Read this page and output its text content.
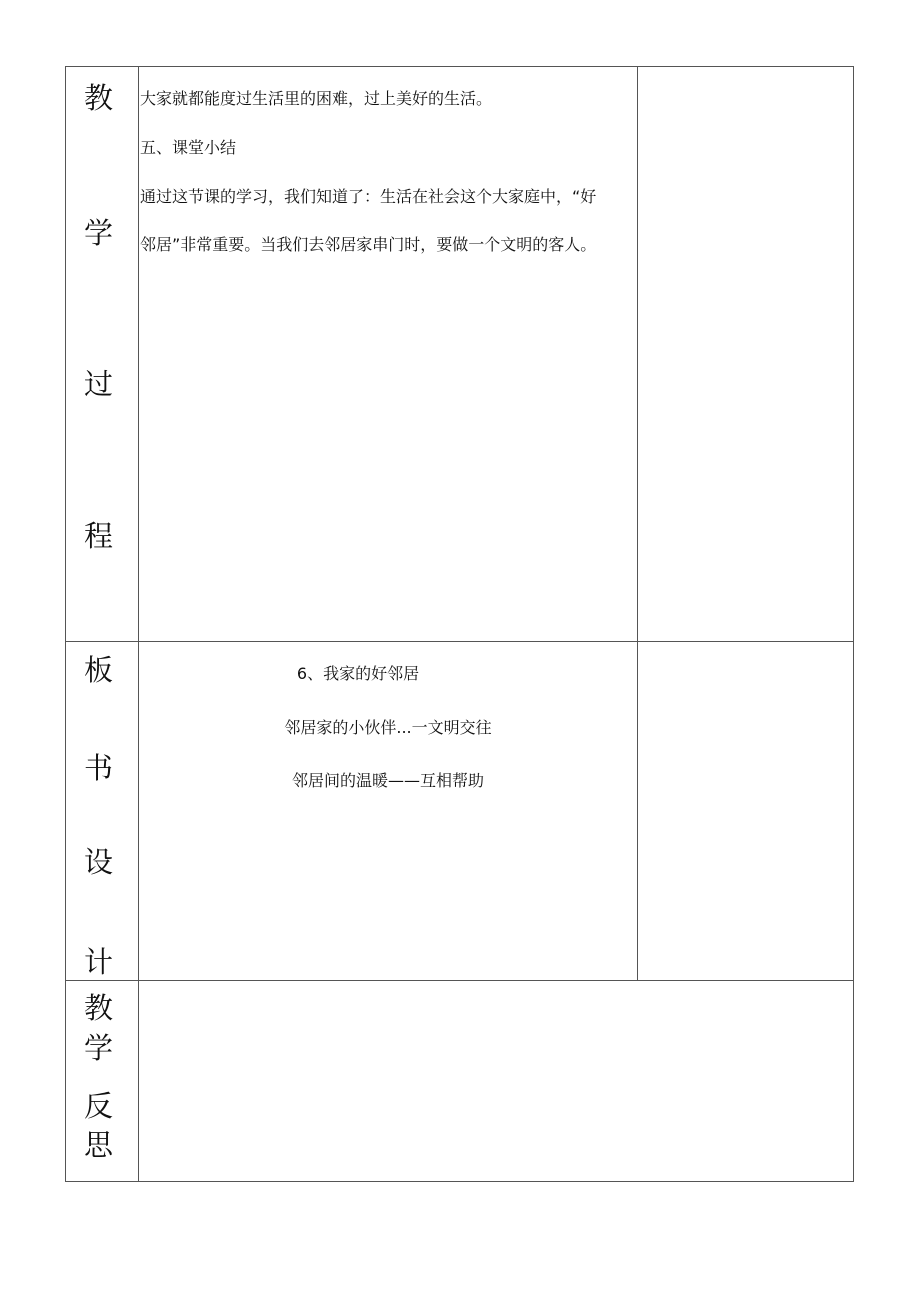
教
学
过
程
大家就都能度过生活里的困难，过上美好的生活。
五、课堂小结
通过这节课的学习，我们知道了：生活在社会这个大家庭中，“好
邻居”非常重要。当我们去邻居家串门时，要做一个文明的客人。
板
书
设
计
6、我家的好邻居
邻居家的小伙伴...一文明交往
邻居间的温暖——互相帮助
教
学
反
思
